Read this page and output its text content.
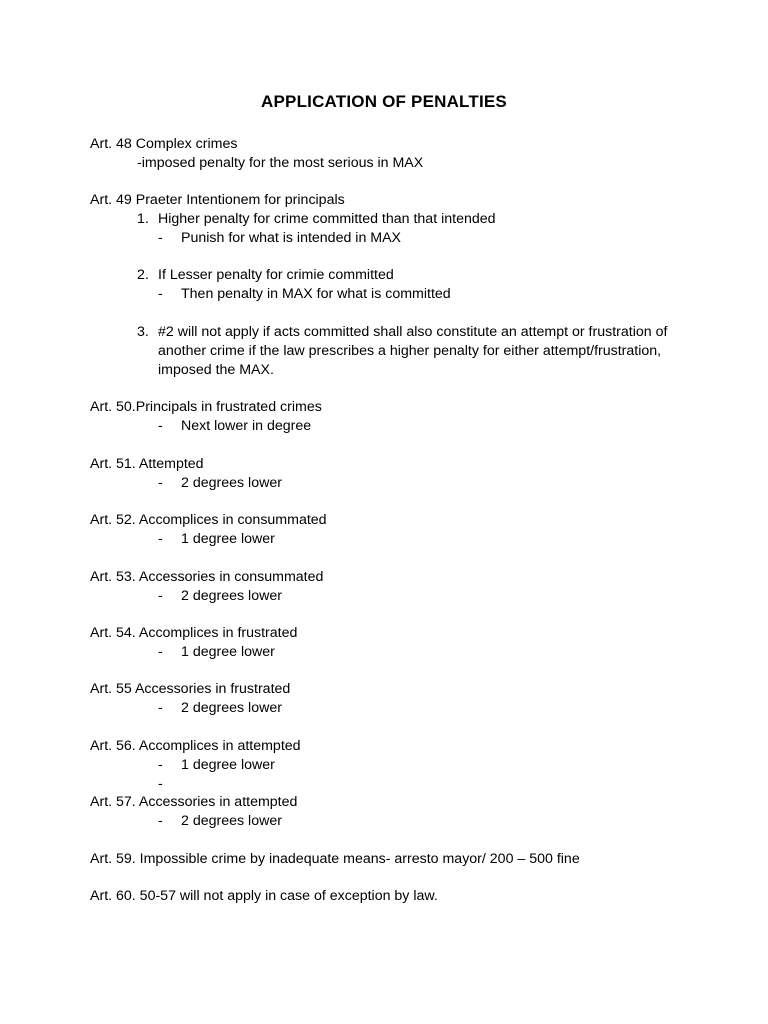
APPLICATION OF PENALTIES
Art. 48 Complex crimes
-imposed penalty for the most serious in MAX
Art. 49 Praeter Intentionem for principals
1. Higher penalty for crime committed than that intended
- Punish for what is intended in MAX
2. If Lesser penalty for crimie committed
- Then penalty in MAX for what is committed
3. #2 will not apply if acts committed shall also constitute an attempt or frustration of
another crime if the law prescribes a higher penalty for either attempt/frustration,
imposed the MAX.
Art. 50.Principals in frustrated crimes
- Next lower in degree
Art. 51. Attempted
- 2 degrees lower
Art. 52. Accomplices in consummated
- 1 degree lower
Art. 53. Accessories in consummated
- 2 degrees lower
Art. 54. Accomplices in frustrated
- 1 degree lower
Art. 55 Accessories in frustrated
- 2 degrees lower
Art. 56. Accomplices in attempted
- 1 degree lower
-
Art. 57. Accessories in attempted
- 2 degrees lower
Art. 59. Impossible crime by inadequate means- arresto mayor/ 200 – 500 fine
Art. 60. 50-57 will not apply in case of exception by law.
